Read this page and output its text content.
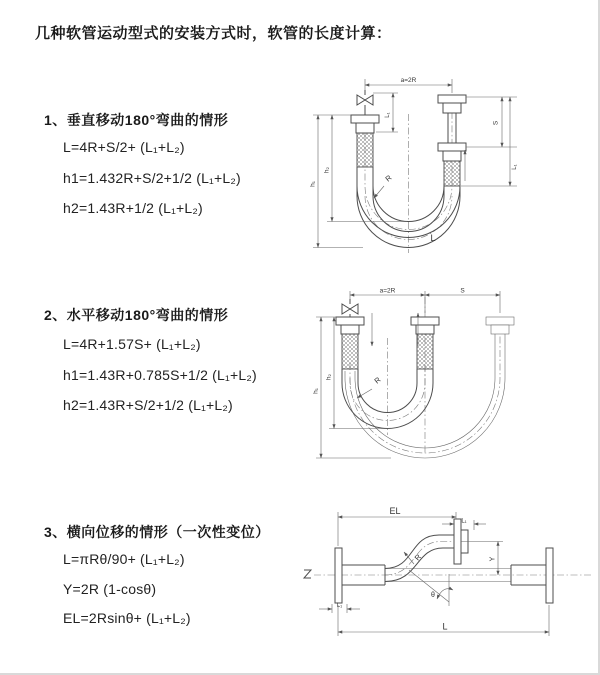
几种软管运动型式的安装方式时，软管的长度计算：
1、垂直移动180°弯曲的情形
L=4R+S/2+ (L₁+L₂)
h1=1.432R+S/2+1/2 (L₁+L₂)
h2=1.43R+1/2 (L₁+L₂)
2、水平移动180°弯曲的情形
L=4R+1.57S+ (L₁+L₂)
h1=1.43R+0.785S+1/2 (L₁+L₂)
h2=1.43R+S/2+1/2 (L₁+L₂)
3、横向位移的情形（一次性变位）
L=πRθ/90+ (L₁+L₂)
Y=2R (1-cosθ)
EL=2Rsinθ+ (L₁+L₂)
a=2R
L₁
h₁
h₂
S
L₁
R
L
a=2R	S
h₁
h₂	R
θ
EL
L₁
Y
R
L
L₁
